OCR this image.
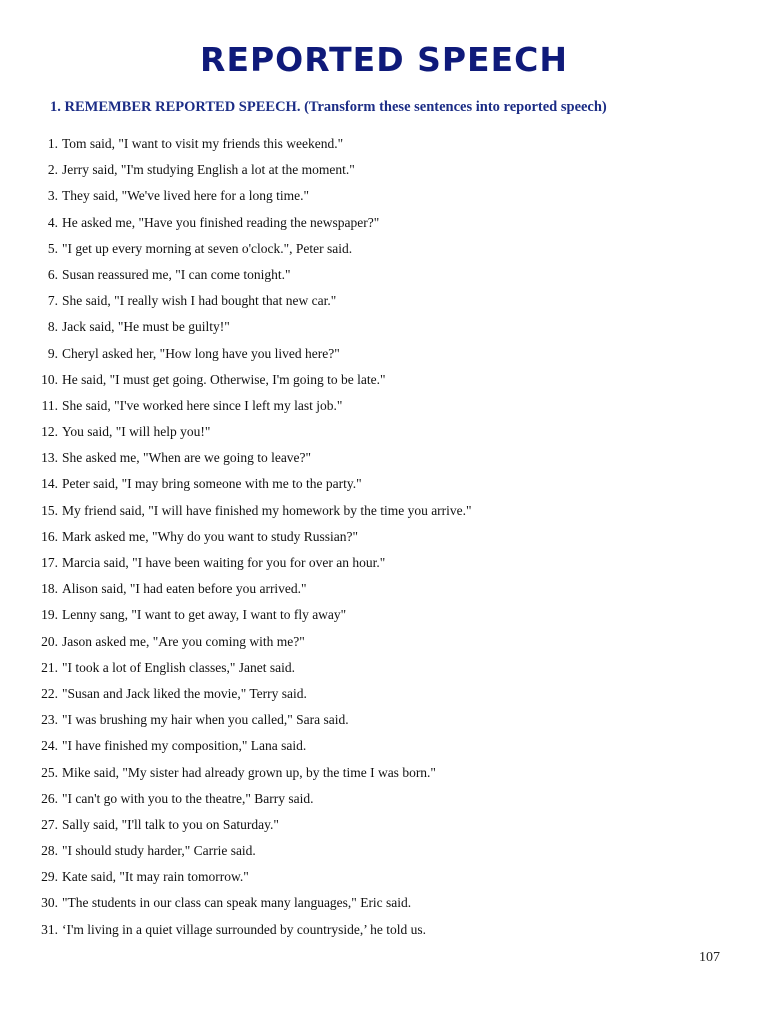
REPORTED SPEECH
1. REMEMBER REPORTED SPEECH. (Transform these sentences into reported speech)
1. Tom said, "I want to visit my friends this weekend."
2. Jerry said, "I'm studying English a lot at the moment."
3. They said, "We've lived here for a long time."
4. He asked me, "Have you finished reading the newspaper?"
5. "I get up every morning at seven o'clock.", Peter said.
6. Susan reassured me, "I can come tonight."
7. She said, "I really wish I had bought that new car."
8. Jack said, "He must be guilty!"
9. Cheryl asked her, "How long have you lived here?"
10. He said, "I must get going. Otherwise, I'm going to be late."
11. She said, "I've worked here since I left my last job."
12. You said, "I will help you!"
13. She asked me, "When are we going to leave?"
14. Peter said, "I may bring someone with me to the party."
15. My friend said, "I will have finished my homework by the time you arrive."
16. Mark asked me, "Why do you want to study Russian?"
17. Marcia said, "I have been waiting for you for over an hour."
18. Alison said, "I had eaten before you arrived."
19. Lenny sang, "I want to get away, I want to fly away"
20. Jason asked me, "Are you coming with me?"
21. "I took a lot of English classes," Janet said.
22. "Susan and Jack liked the movie," Terry said.
23. "I was brushing my hair when you called," Sara said.
24. "I have finished my composition," Lana said.
25. Mike said, "My sister had already grown up, by the time I was born."
26. "I can't go with you to the theatre," Barry said.
27. Sally said, "I'll talk to you on Saturday."
28. "I should study harder," Carrie said.
29. Kate said, "It may rain tomorrow."
30. "The students in our class can speak many languages," Eric said.
31. ‘I'm living in a quiet village surrounded by countryside,’ he told us.
107
